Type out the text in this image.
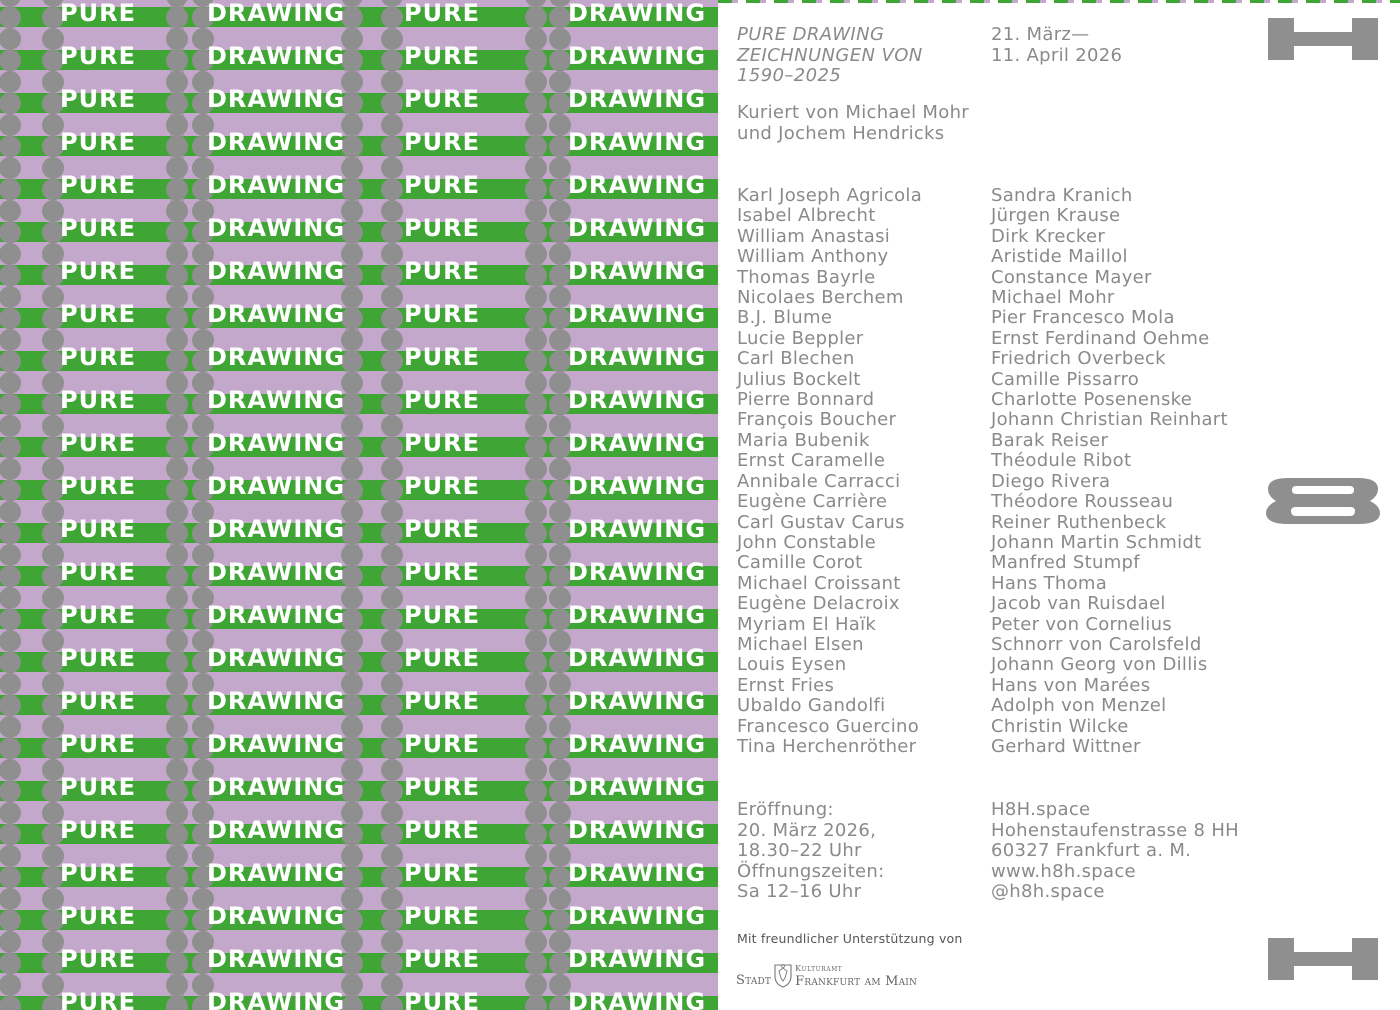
PURE	DRAWING PURE	DRAWING
PURE	DRAWING PURE	DRAWING
PURE	DRAWING PURE	DRAWING
PURE	DRAWING PURE	DRAWING
PURE	DRAWING PURE	DRAWING
PURE	DRAWING PURE	DRAWING
PURE	DRAWING PURE	DRAWING
PURE	DRAWING PURE	DRAWING
PURE	DRAWING PURE	DRAWING
PURE	DRAWING PURE	DRAWING
PURE	DRAWING PURE	DRAWING
PURE	DRAWING PURE	DRAWING
PURE	DRAWING PURE	DRAWING
PURE	DRAWING PURE	DRAWING
PURE	DRAWING PURE	DRAWING
PURE	DRAWING PURE	DRAWING
PURE	DRAWING PURE	DRAWING
PURE	DRAWING PURE	DRAWING
PURE	DRAWING PURE	DRAWING
PURE	DRAWING PURE	DRAWING
PURE	DRAWING PURE	DRAWING
PURE	DRAWING PURE	DRAWING
PURE	DRAWING PURE	DRAWING
PURE	DRAWING PURE	DRAWING
PURE DRAWING
ZEICHNUNGEN VON
1590–2025
21. März—
11. April 2026
Kuriert von Michael Mohr
und Jochem Hendricks
Karl Joseph Agricola
Isabel Albrecht
William Anastasi
William Anthony
Thomas Bayrle
Nicolaes Berchem
B.J. Blume
Lucie Beppler
Carl Blechen
Julius Bockelt
Pierre Bonnard
François Boucher
Maria Bubenik
Ernst Caramelle
Annibale Carracci
Eugène Carrière
Carl Gustav Carus
John Constable
Camille Corot
Michael Croissant
Eugène Delacroix
Myriam El Haïk
Michael Elsen
Louis Eysen
Ernst Fries
Ubaldo Gandolfi
Francesco Guercino
Tina Herchenröther
Sandra Kranich
Jürgen Krause
Dirk Krecker
Aristide Maillol
Constance Mayer
Michael Mohr
Pier Francesco Mola
Ernst Ferdinand Oehme
Friedrich Overbeck
Camille Pissarro
Charlotte Posenenske
Johann Christian Reinhart
Barak Reiser
Théodule Ribot
Diego Rivera
Théodore Rousseau
Reiner Ruthenbeck
Johann Martin Schmidt
Manfred Stumpf
Hans Thoma
Jacob van Ruisdael
Peter von Cornelius
Schnorr von Carolsfeld
Johann Georg von Dillis
Hans von Marées
Adolph von Menzel
Christin Wilcke
Gerhard Wittner
Eröffnung:
20. März 2026,
18.30–22 Uhr
Öffnungszeiten:
Sa 12–16 Uhr
H8H.space
Hohenstaufenstrasse 8 HH
60327 Frankfurt a. M.
www.h8h.space
@h8h.space
Mit freundlicher Unterstützung von
Stadt
Kulturamt
Frankfurt am Main
